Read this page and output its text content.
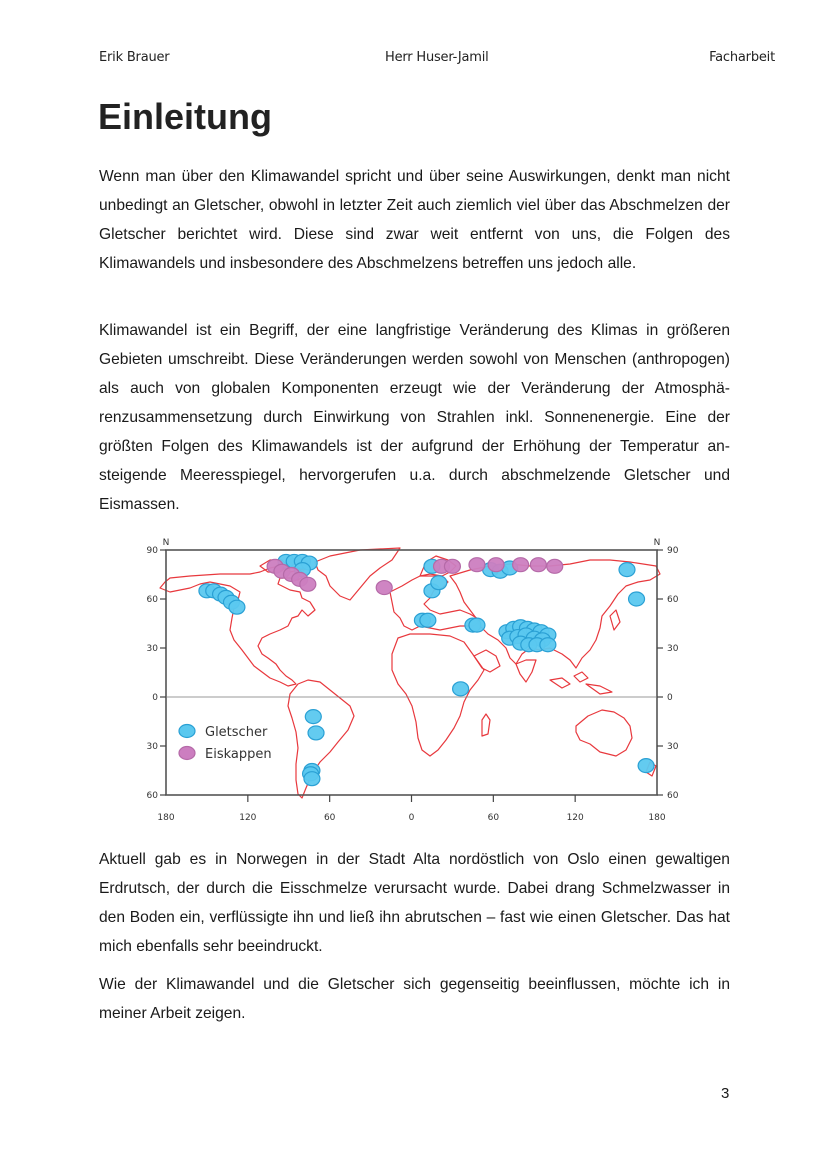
Erik Brauer	Herr Huser-Jamil	Facharbeit
Einleitung

Wenn man über den Klimawandel spricht und über seine Auswirkungen, denkt man nicht unbedingt an Gletscher, obwohl in letzter Zeit auch ziemlich viel über das Abschmelzen der Gletscher berichtet wird. Diese sind zwar weit entfernt von uns, die Folgen des Klimawandels und insbesondere des Abschmelzens betreffen uns jedoch alle.

Klimawandel ist ein Begriff, der eine langfristige Veränderung des Klimas in größeren Gebieten umschreibt. Diese Veränderungen werden sowohl von Menschen (anthropogen) als auch von globalen Komponenten erzeugt wie der Veränderung der Atmosphärenzusammensetzung durch Einwirkung von Strahlen inkl. Sonnenenergie. Eine der größten Folgen des Klimawandels ist der aufgrund der Erhöhung der Temperatur ansteigende Meeresspiegel, hervorgerufen u.a. durch abschmelzende Gletscher und Eismassen.

90	90
60	60
30	30
0	0
30	30
60	60
180	120	60	0	60	120	180
N	N
Gletscher
Eiskappen

Aktuell gab es in Norwegen in der Stadt Alta nordöstlich von Oslo einen gewaltigen Erdrutsch, der durch die Eisschmelze verursacht wurde. Dabei drang Schmelzwasser in den Boden ein, verflüssigte ihn und ließ ihn abrutschen – fast wie einen Gletscher. Das hat mich ebenfalls sehr beeindruckt.

Wie der Klimawandel und die Gletscher sich gegenseitig beeinflussen, möchte ich in meiner Arbeit zeigen.

3
